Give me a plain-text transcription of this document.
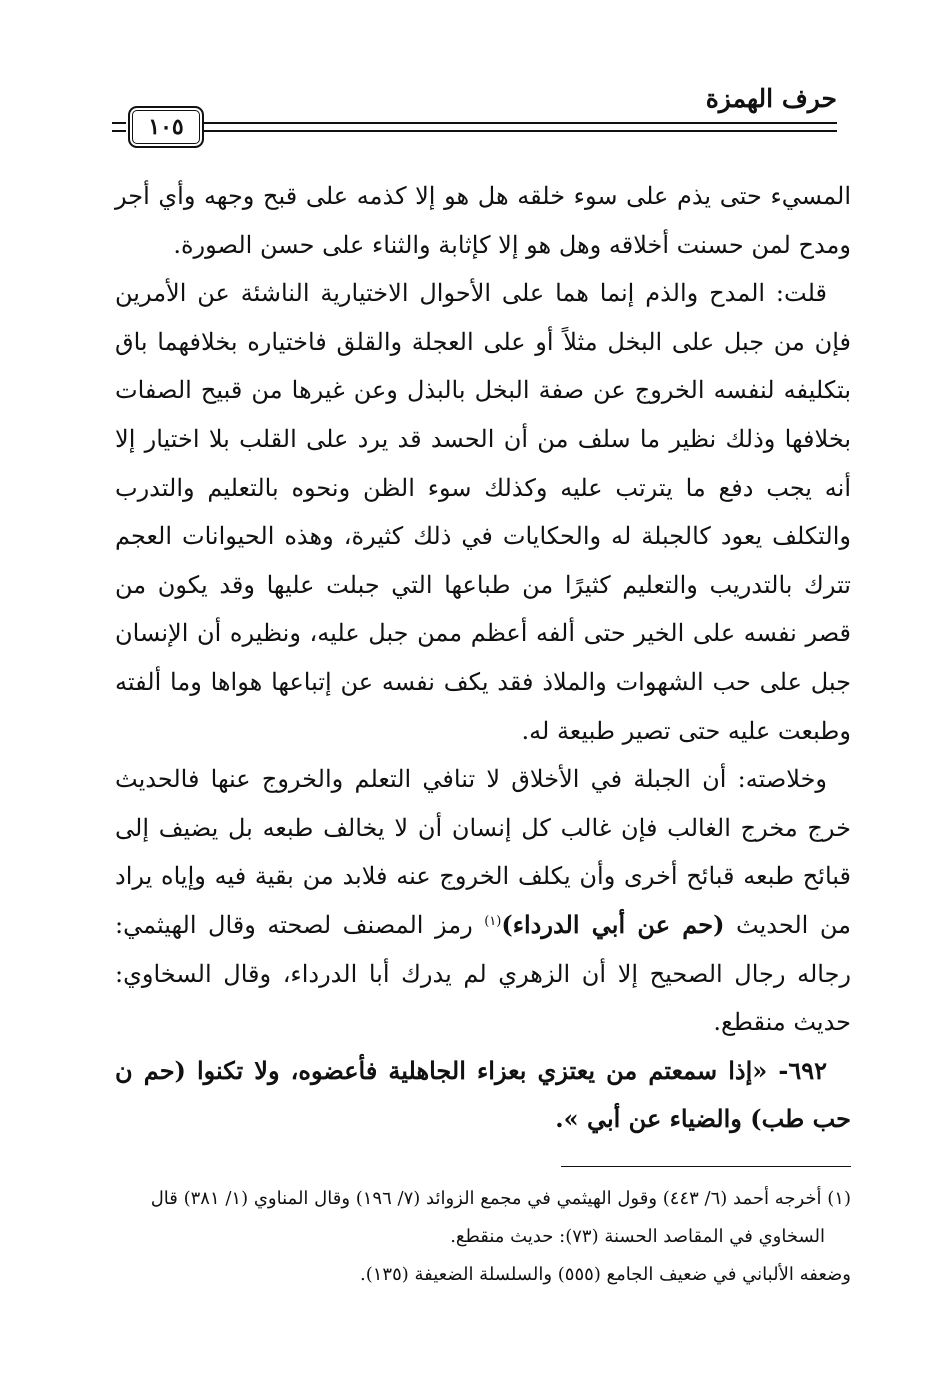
حرف الهمزة
١٠٥

المسيء حتى يذم على سوء خلقه هل هو إلا كذمه على قبح وجهه وأي أجر ومدح لمن حسنت أخلاقه وهل هو إلا كإثابة والثناء على حسن الصورة.

قلت: المدح والذم إنما هما على الأحوال الاختيارية الناشئة عن الأمرين فإن من جبل على البخل مثلاً أو على العجلة والقلق فاختياره بخلافهما باق بتكليفه لنفسه الخروج عن صفة البخل بالبذل وعن غيرها من قبيح الصفات بخلافها وذلك نظير ما سلف من أن الحسد قد يرد على القلب بلا اختيار إلا أنه يجب دفع ما يترتب عليه وكذلك سوء الظن ونحوه بالتعليم والتدرب والتكلف يعود كالجبلة له والحكايات في ذلك كثيرة، وهذه الحيوانات العجم تترك بالتدريب والتعليم كثيرًا من طباعها التي جبلت عليها وقد يكون من قصر نفسه على الخير حتى ألفه أعظم ممن جبل عليه، ونظيره أن الإنسان جبل على حب الشهوات والملاذ فقد يكف نفسه عن إتباعها هواها وما ألفته وطبعت عليه حتى تصير طبيعة له.

وخلاصته: أن الجبلة في الأخلاق لا تنافي التعلم والخروج عنها فالحديث خرج مخرج الغالب فإن غالب كل إنسان أن لا يخالف طبعه بل يضيف إلى قبائح طبعه قبائح أخرى وأن يكلف الخروج عنه فلابد من بقية فيه وإياه يراد من الحديث (حم عن أبي الدرداء)$^{(١)}$ رمز المصنف لصحته وقال الهيثمي: رجاله رجال الصحيح إلا أن الزهري لم يدرك أبا الدرداء، وقال السخاوي: حديث منقطع.

٦٩٢- «إذا سمعتم من يعتزي بعزاء الجاهلية فأعضوه، ولا تكنوا (حم ن حب طب) والضياء عن أبي ».

(١) أخرجه أحمد (٦/ ٤٤٣) وقول الهيثمي في مجمع الزوائد (٧/ ١٩٦) وقال المناوي (١/ ٣٨١) قال

السخاوي في المقاصد الحسنة (٧٣): حديث منقطع.

وضعفه الألباني في ضعيف الجامع (٥٥٥) والسلسلة الضعيفة (١٣٥).
